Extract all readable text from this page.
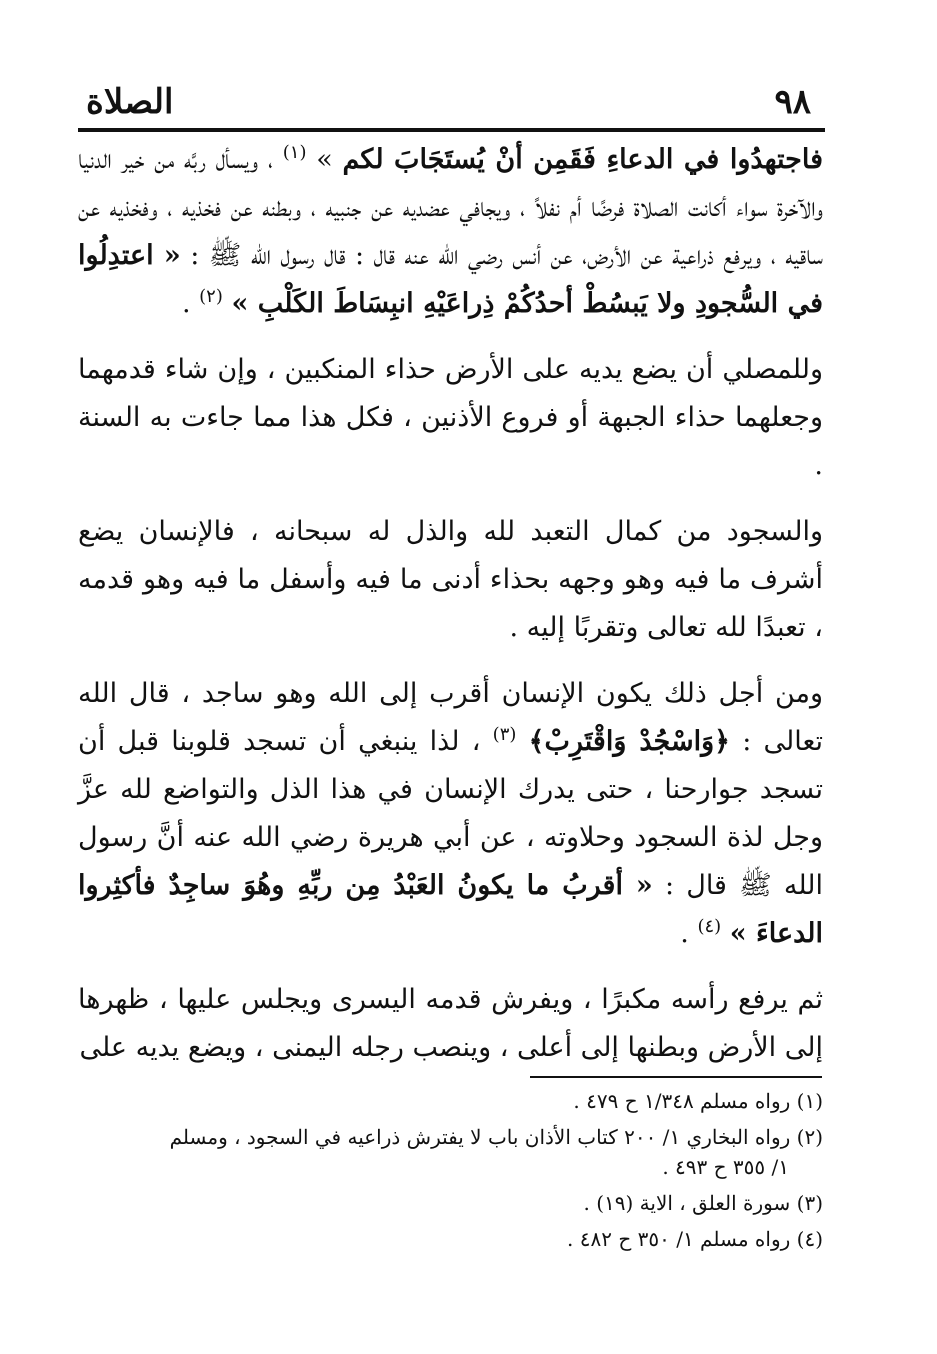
٩٨
الصلاة

فاجتهدُوا في الدعاءِ فَقَمِن أنْ يُستَجَابَ لكم » $^{(١)}$ ، ويسأل ربَّه من خير الدنيا والآخرة سواء أكانت الصلاة فرضًا أم نفلاً ، ويجافي عضديه عن جنبيه ، وبطنه عن فخذيه ، وفخذيه عن ساقيه ، ويرفع ذراعية عن الأرض، عن أنس رضي الله عنه قال : قال رسول الله ﷺ : « اعتدِلُوا في السُّجودِ ولا يَبسُطْ أحدُكُمْ ذِراعَيْهِ انبِسَاطَ الكَلْبِ » $^{(٢)}$ .

وللمصلي أن يضع يديه على الأرض حذاء المنكبين ، وإن شاء قدمهما وجعلهما حذاء الجبهة أو فروع الأذنين ، فكل هذا مما جاءت به السنة .

والسجود من كمال التعبد لله والذل له سبحانه ، فالإنسان يضع أشرف ما فيه وهو وجهه بحذاء أدنى ما فيه وأسفل ما فيه وهو قدمه ، تعبدًا لله تعالى وتقربًا إليه .

ومن أجل ذلك يكون الإنسان أقرب إلى الله وهو ساجد ، قال الله تعالى : ﴿وَاسْجُدْ وَاقْتَرِبْ﴾ $^{(٣)}$ ، لذا ينبغي أن تسجد قلوبنا قبل أن تسجد جوارحنا ، حتى يدرك الإنسان في هذا الذل والتواضع لله عزَّ وجل لذة السجود وحلاوته ، عن أبي هريرة رضي الله عنه أنَّ رسول الله ﷺ قال : « أقربُ ما يكونُ العَبْدُ مِن ربِّهِ وهُوَ ساجِدٌ فأكثِروا الدعاءَ » $^{(٤)}$ .

ثم يرفع رأسه مكبرًا ، ويفرش قدمه اليسرى ويجلس عليها ، ظهرها إلى الأرض وبطنها إلى أعلى ، وينصب رجله اليمنى ، ويضع يديه على

(١) رواه مسلم ١/٣٤٨ ح ٤٧٩ .
(٢) رواه البخاري ١/ ٢٠٠ كتاب الأذان باب لا يفترش ذراعيه في السجود ، ومسلم
١/ ٣٥٥ ح ٤٩٣ .
(٣) سورة العلق ، الاية (١٩) .
(٤) رواه مسلم ١/ ٣٥٠ ح ٤٨٢ .
